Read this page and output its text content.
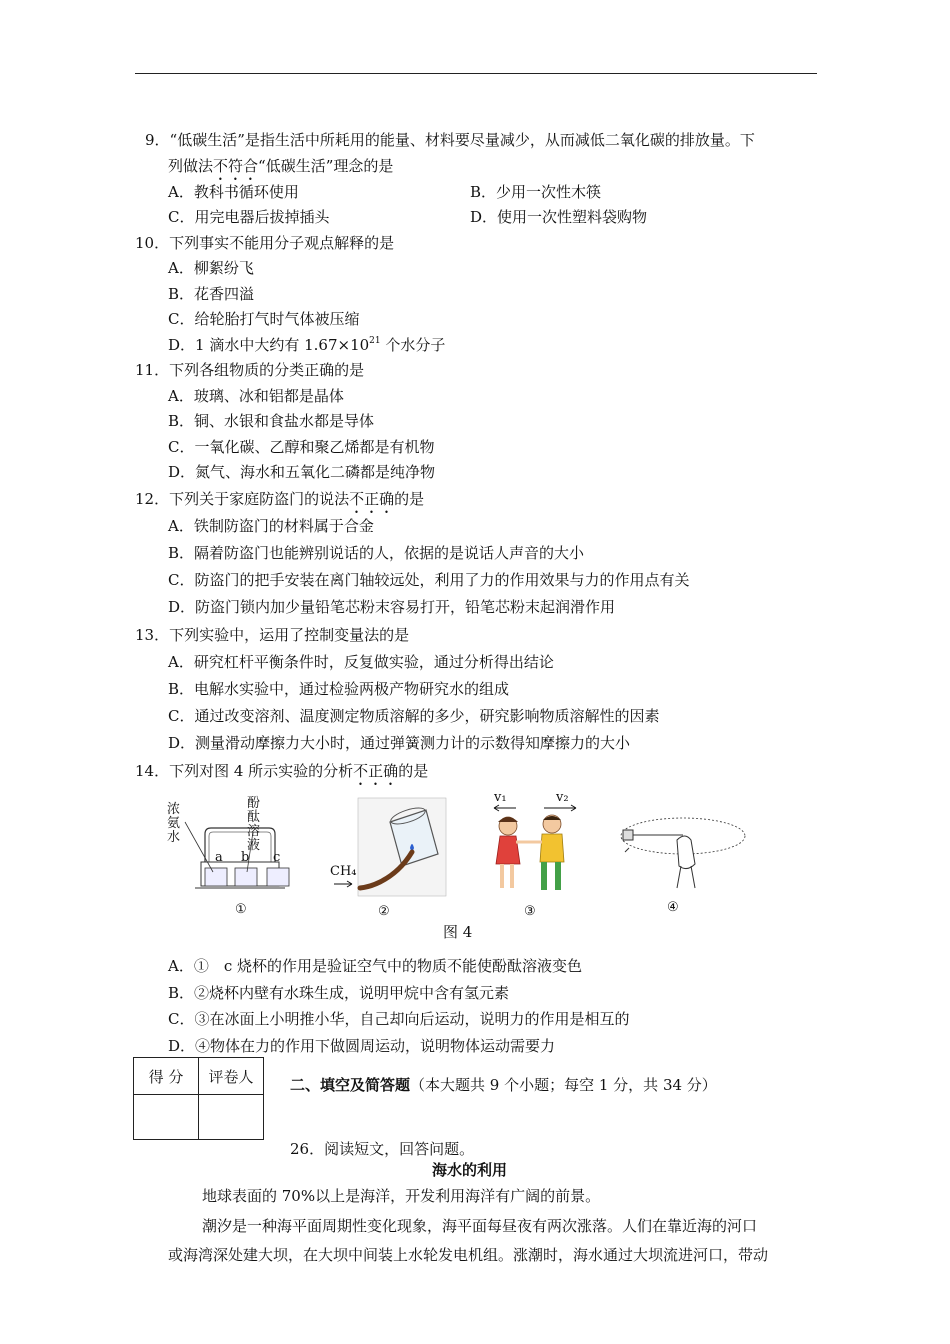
9．“低碳生活”是指生活中所耗用的能量、材料要尽量减少，从而减低二氧化碳的排放量。下
列做法不符合“低碳生活”理念的是
A．教科书循环使用	B．少用一次性木筷
C．用完电器后拔掉插头	D．使用一次性塑料袋购物
10．下列事实不能用分子观点解释的是
A．柳絮纷飞
B．花香四溢
C．给轮胎打气时气体被压缩
D．1 滴水中大约有 $1.67\times 10^{21}$ 个水分子
11．下列各组物质的分类正确的是
A．玻璃、冰和铝都是晶体
B．铜、水银和食盐水都是导体
C．一氧化碳、乙醇和聚乙烯都是有机物
D．氮气、海水和五氧化二磷都是纯净物
12．下列关于家庭防盗门的说法不正确的是
A．铁制防盗门的材料属于合金
B．隔着防盗门也能辨别说话的人，依据的是说话人声音的大小
C．防盗门的把手安装在离门轴较远处，利用了力的作用效果与力的作用点有关
D．防盗门锁内加少量铅笔芯粉末容易打开，铅笔芯粉末起润滑作用
13．下列实验中，运用了控制变量法的是
A．研究杠杆平衡条件时，反复做实验，通过分析得出结论
B．电解水实验中，通过检验两极产物研究水的组成
C．通过改变溶剂、温度测定物质溶解的多少，研究影响物质溶解性的因素
D．测量滑动摩擦力大小时，通过弹簧测力计的示数得知摩擦力的大小
14．下列对图 4 所示实验的分析不正确的是
浓
氨
水
酚
酞
溶
液
a b c
①
CH₄
②
v₁	v₂
③	④
图 4
A．①　c 烧杯的作用是验证空气中的物质不能使酚酞溶液变色
B．②烧杯内壁有水珠生成，说明甲烷中含有氢元素
C．③在冰面上小明推小华，自己却向后运动，说明力的作用是相互的
D．④物体在力的作用下做圆周运动，说明物体运动需要力
得 分	评卷人
	二、填空及简答题（本大题共 9 个小题；每空 1 分，共 34 分）
26．阅读短文，回答问题。
海水的利用
地球表面的 70%以上是海洋，开发利用海洋有广阔的前景。
潮汐是一种海平面周期性变化现象，海平面每昼夜有两次涨落。人们在靠近海的河口
或海湾深处建大坝，在大坝中间装上水轮发电机组。涨潮时，海水通过大坝流进河口，带动
